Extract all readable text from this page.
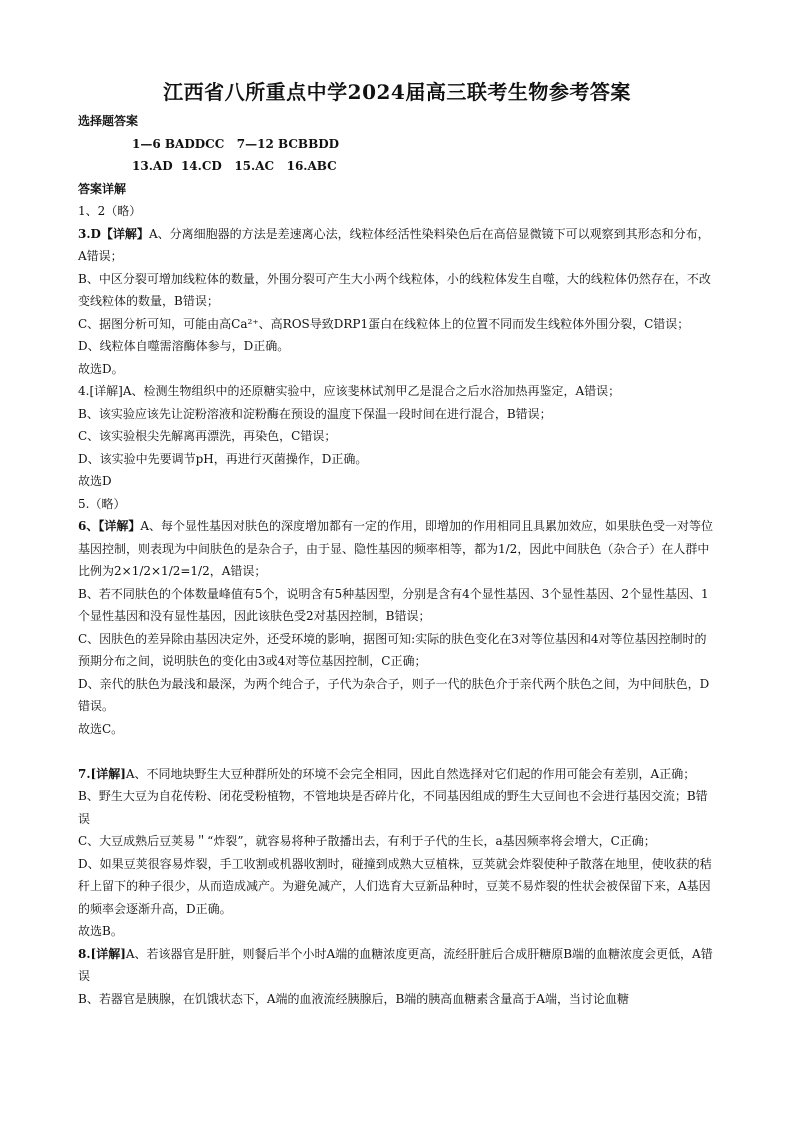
江西省八所重点中学2024届高三联考生物参考答案
选择题答案
1—6 BADDCC   7—12 BCBBDD
13.AD  14.CD   15.AC   16.ABC
答案详解
1、2（略）
3.D【详解】A、分离细胞器的方法是差速离心法，线粒体经活性染料染色后在高倍显微镜下可以观察到其形态和分布，A错误；
B、中区分裂可增加线粒体的数量，外围分裂可产生大小两个线粒体，小的线粒体发生自噬，大的线粒体仍然存在，不改变线粒体的数量，B错误；
C、据图分析可知，可能由高Ca²⁺、高ROS导致DRP1蛋白在线粒体上的位置不同而发生线粒体外围分裂，C错误；
D、线粒体自噬需溶酶体参与，D正确。
故选D。
4.[详解]A、检测生物组织中的还原糖实验中，应该斐林试剂甲乙是混合之后水浴加热再鉴定，A错误；
B、该实验应该先让淀粉溶液和淀粉酶在预设的温度下保温一段时间在进行混合，B错误；
C、该实验根尖先解离再漂洗，再染色，C错误；
D、该实验中先要调节pH，再进行灭菌操作，D正确。
故选D
5.（略）
6、【详解】A、每个显性基因对肤色的深度增加都有一定的作用，即增加的作用相同且具累加效应，如果肤色受一对等位基因控制，则表现为中间肤色的是杂合子，由于显、隐性基因的频率相等，都为1/2，因此中间肤色（杂合子）在人群中比例为2×1/2×1/2=1/2，A错误；
B、若不同肤色的个体数量峰值有5个，说明含有5种基因型，分别是含有4个显性基因、3个显性基因、2个显性基因、1个显性基因和没有显性基因，因此该肤色受2对基因控制，B错误；
C、因肤色的差异除由基因决定外，还受环境的影响，据图可知:实际的肤色变化在3对等位基因和4对等位基因控制时的预期分布之间，说明肤色的变化由3或4对等位基因控制，C正确；
D、亲代的肤色为最浅和最深，为两个纯合子，子代为杂合子，则子一代的肤色介于亲代两个肤色之间，为中间肤色，D错误。
故选C。
7.[详解]A、不同地块野生大豆种群所处的环境不会完全相同，因此自然选择对它们起的作用可能会有差别，A正确；
B、野生大豆为自花传粉、闭花受粉植物，不管地块是否碎片化，不同基因组成的野生大豆间也不会进行基因交流；B错误
C、大豆成熟后豆荚易＂“炸裂”，就容易将种子散播出去，有利于子代的生长，a基因频率将会增大，C正确；
D、如果豆荚很容易炸裂，手工收割或机器收割时，碰撞到成熟大豆植株，豆荚就会炸裂使种子散落在地里，使收获的秸秆上留下的种子很少，从而造成减产。为避免减产，人们选育大豆新品种时，豆荚不易炸裂的性状会被保留下来，A基因的频率会逐渐升高，D正确。
故选B。
8.[详解]A、若该器官是肝脏，则餐后半个小时A端的血糖浓度更高，流经肝脏后合成肝糖原B端的血糖浓度会更低，A错误
B、若器官是胰腺，在饥饿状态下，A端的血液流经胰腺后，B端的胰高血糖素含量高于A端，当讨论血糖
